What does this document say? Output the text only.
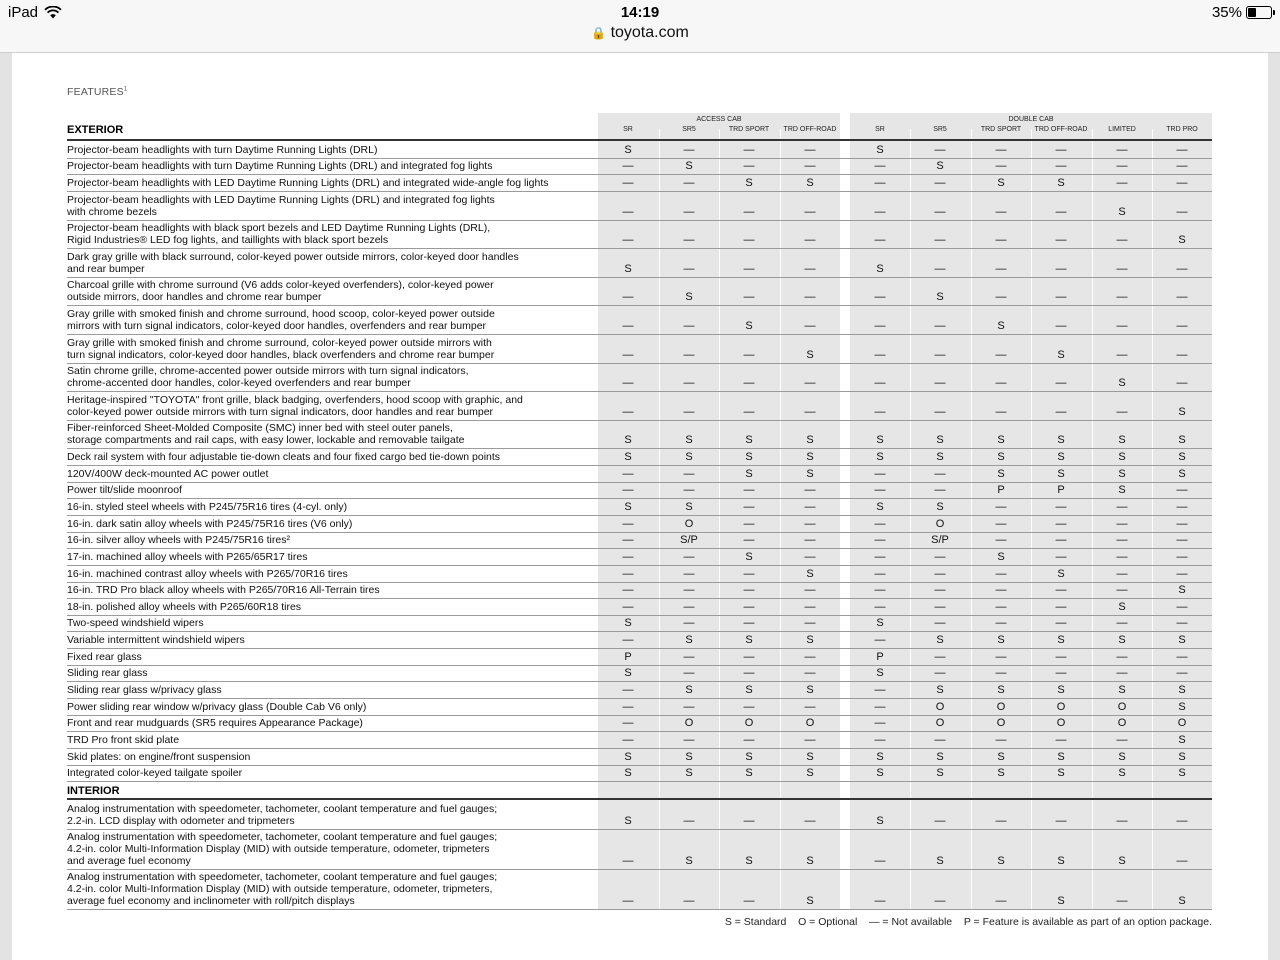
iPad	14:19
🔒 toyota.com
35%
FEATURES$^1$
ACCESS CAB	DOUBLE CAB
SR	SR5	TRD SPORT	TRD OFF-ROAD	SR	SR5	TRD SPORT	TRD OFF-ROAD	LIMITED	TRD PRO
EXTERIOR
Projector-beam headlights with turn Daytime Running Lights (DRL)	S	—	—	—	S	—	—	—	—	—
Projector-beam headlights with turn Daytime Running Lights (DRL) and integrated fog lights	—	S	—	—	—	S	—	—	—	—
Projector-beam headlights with LED Daytime Running Lights (DRL) and integrated wide-angle fog lights	—	—	S	S	—	—	S	S	—	—
Projector-beam headlights with LED Daytime Running Lights (DRL) and integrated fog lights
with chrome bezels	—	—	—	—	—	—	—	—	S	—
Projector-beam headlights with black sport bezels and LED Daytime Running Lights (DRL),
Rigid Industries® LED fog lights, and taillights with black sport bezels	—	—	—	—	—	—	—	—	—	S
Dark gray grille with black surround, color-keyed power outside mirrors, color-keyed door handles
and rear bumper	S	—	—	—	S	—	—	—	—	—
Charcoal grille with chrome surround (V6 adds color-keyed overfenders), color-keyed power
outside mirrors, door handles and chrome rear bumper	—	S	—	—	—	S	—	—	—	—
Gray grille with smoked finish and chrome surround, hood scoop, color-keyed power outside
mirrors with turn signal indicators, color-keyed door handles, overfenders and rear bumper	—	—	S	—	—	—	S	—	—	—
Gray grille with smoked finish and chrome surround, color-keyed power outside mirrors with
turn signal indicators, color-keyed door handles, black overfenders and chrome rear bumper	—	—	—	S	—	—	—	S	—	—
Satin chrome grille, chrome-accented power outside mirrors with turn signal indicators,
chrome-accented door handles, color-keyed overfenders and rear bumper	—	—	—	—	—	—	—	—	S	—
Heritage-inspired "TOYOTA" front grille, black badging, overfenders, hood scoop with graphic, and
color-keyed power outside mirrors with turn signal indicators, door handles and rear bumper	—	—	—	—	—	—	—	—	—	S
Fiber-reinforced Sheet-Molded Composite (SMC) inner bed with steel outer panels,
storage compartments and rail caps, with easy lower, lockable and removable tailgate	S	S	S	S	S	S	S	S	S	S
Deck rail system with four adjustable tie-down cleats and four fixed cargo bed tie-down points	S	S	S	S	S	S	S	S	S	S
120V/400W deck-mounted AC power outlet	—	—	S	S	—	—	S	S	S	S
Power tilt/slide moonroof	—	—	—	—	—	—	P	P	S	—
16-in. styled steel wheels with P245/75R16 tires (4-cyl. only)	S	S	—	—	S	S	—	—	—	—
16-in. dark satin alloy wheels with P245/75R16 tires (V6 only)	—	O	—	—	—	O	—	—	—	—
16-in. silver alloy wheels with P245/75R16 tires²	—	S/P	—	—	—	S/P	—	—	—	—
17-in. machined alloy wheels with P265/65R17 tires	—	—	S	—	—	—	S	—	—	—
16-in. machined contrast alloy wheels with P265/70R16 tires	—	—	—	S	—	—	—	S	—	—
16-in. TRD Pro black alloy wheels with P265/70R16 All-Terrain tires	—	—	—	—	—	—	—	—	—	S
18-in. polished alloy wheels with P265/60R18 tires	—	—	—	—	—	—	—	—	S	—
Two-speed windshield wipers	S	—	—	—	S	—	—	—	—	—
Variable intermittent windshield wipers	—	S	S	S	—	S	S	S	S	S
Fixed rear glass	P	—	—	—	P	—	—	—	—	—
Sliding rear glass	S	—	—	—	S	—	—	—	—	—
Sliding rear glass w/privacy glass	—	S	S	S	—	S	S	S	S	S
Power sliding rear window w/privacy glass (Double Cab V6 only)	—	—	—	—	—	O	O	O	O	S
Front and rear mudguards (SR5 requires Appearance Package)	—	O	O	O	—	O	O	O	O	O
TRD Pro front skid plate	—	—	—	—	—	—	—	—	—	S
Skid plates: on engine/front suspension	S	S	S	S	S	S	S	S	S	S
Integrated color-keyed tailgate spoiler	S	S	S	S	S	S	S	S	S	S
INTERIOR
Analog instrumentation with speedometer, tachometer, coolant temperature and fuel gauges;
2.2-in. LCD display with odometer and tripmeters	S	—	—	—	S	—	—	—	—	—
Analog instrumentation with speedometer, tachometer, coolant temperature and fuel gauges;
4.2-in. color Multi-Information Display (MID) with outside temperature, odometer, tripmeters
and average fuel economy	—	S	S	S	—	S	S	S	S	—
Analog instrumentation with speedometer, tachometer, coolant temperature and fuel gauges;
4.2-in. color Multi-Information Display (MID) with outside temperature, odometer, tripmeters,
average fuel economy and inclinometer with roll/pitch displays	—	—	—	S	—	—	—	S	—	S
S = Standard    O = Optional    — = Not available    P = Feature is available as part of an option package.
